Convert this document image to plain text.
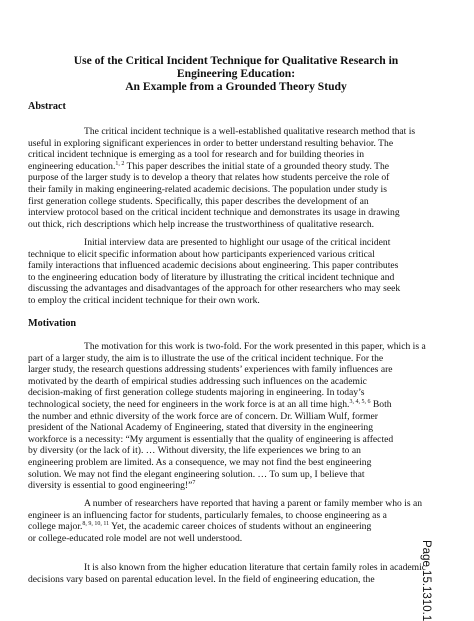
Use of the Critical Incident Technique for Qualitative Research in
Engineering Education:
An Example from a Grounded Theory Study
Abstract
The critical incident technique is a well-established qualitative research method that is
useful in exploring significant experiences in order to better understand resulting behavior. The
critical incident technique is emerging as a tool for research and for building theories in
engineering education.$^{1, 2}$ This paper describes the initial state of a grounded theory study. The
purpose of the larger study is to develop a theory that relates how students perceive the role of
their family in making engineering-related academic decisions. The population under study is
first generation college students. Specifically, this paper describes the development of an
interview protocol based on the critical incident technique and demonstrates its usage in drawing
out thick, rich descriptions which help increase the trustworthiness of qualitative research.
Initial interview data are presented to highlight our usage of the critical incident
technique to elicit specific information about how participants experienced various critical
family interactions that influenced academic decisions about engineering. This paper contributes
to the engineering education body of literature by illustrating the critical incident technique and
discussing the advantages and disadvantages of the approach for other researchers who may seek
to employ the critical incident technique for their own work.
Motivation
The motivation for this work is two-fold. For the work presented in this paper, which is a
part of a larger study, the aim is to illustrate the use of the critical incident technique. For the
larger study, the research questions addressing students’ experiences with family influences are
motivated by the dearth of empirical studies addressing such influences on the academic
decision-making of first generation college students majoring in engineering. In today’s
technological society, the need for engineers in the work force is at an all time high.$^{3, 4, 5, 6}$ Both
the number and ethnic diversity of the work force are of concern. Dr. William Wulf, former
president of the National Academy of Engineering, stated that diversity in the engineering
workforce is a necessity: “My argument is essentially that the quality of engineering is affected
by diversity (or the lack of it). … Without diversity, the life experiences we bring to an
engineering problem are limited. As a consequence, we may not find the best engineering
solution. We may not find the elegant engineering solution. … To sum up, I believe that
diversity is essential to good engineering!”$^7$
A number of researchers have reported that having a parent or family member who is an
engineer is an influencing factor for students, particularly females, to choose engineering as a
college major.$^{8, 9, 10, 11}$ Yet, the academic career choices of students without an engineering
or college-educated role model are not well understood.
It is also known from the higher education literature that certain family roles in academic
decisions vary based on parental education level. In the field of engineering education, the	Page 15.1310.1
